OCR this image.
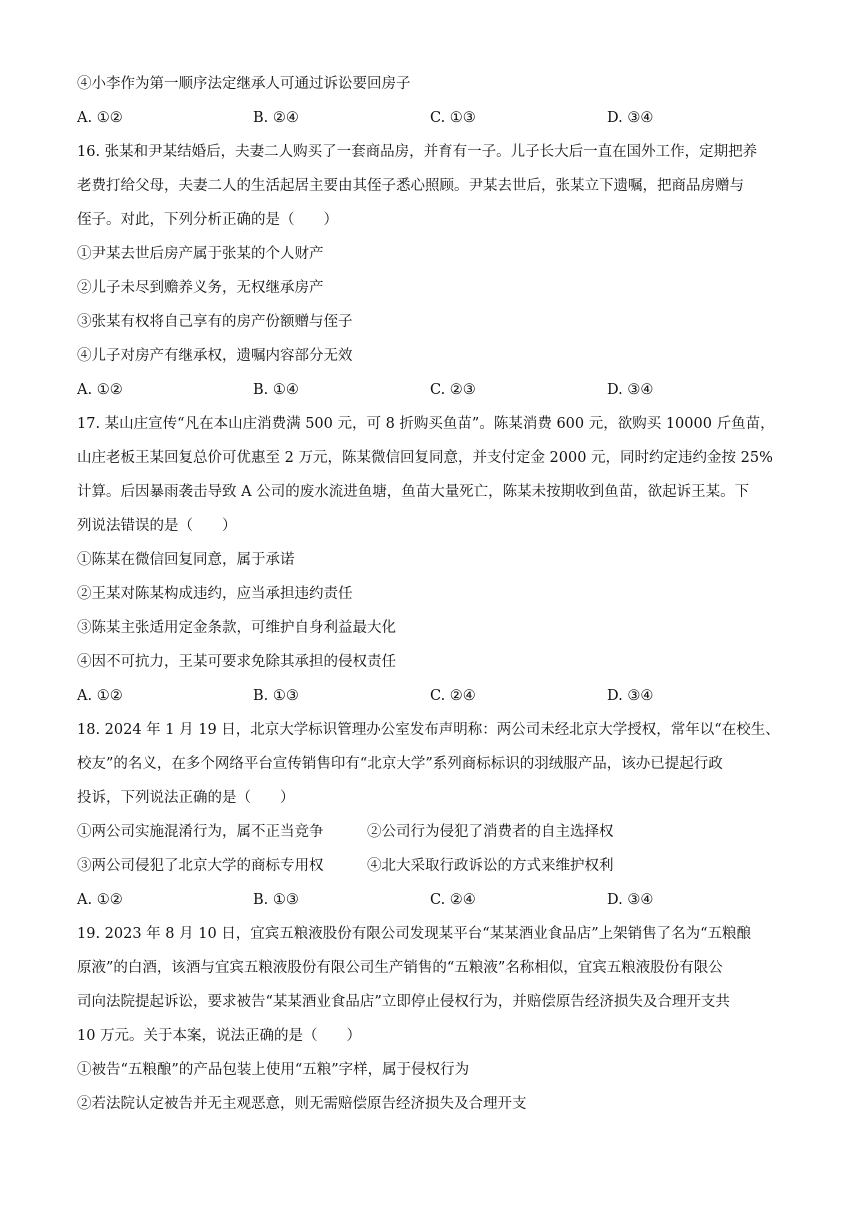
④小李作为第一顺序法定继承人可通过诉讼要回房子
A. ①②	B. ②④	C. ①③	D. ③④
16. 张某和尹某结婚后，夫妻二人购买了一套商品房，并育有一子。儿子长大后一直在国外工作，定期把养
老费打给父母，夫妻二人的生活起居主要由其侄子悉心照顾。尹某去世后，张某立下遗嘱，把商品房赠与
侄子。对此，下列分析正确的是（　　）
①尹某去世后房产属于张某的个人财产
②儿子未尽到赡养义务，无权继承房产
③张某有权将自己享有的房产份额赠与侄子
④儿子对房产有继承权，遗嘱内容部分无效
A. ①②	B. ①④	C. ②③	D. ③④
17. 某山庄宣传“凡在本山庄消费满 500 元，可 8 折购买鱼苗”。陈某消费 600 元，欲购买 10000 斤鱼苗，
山庄老板王某回复总价可优惠至 2 万元，陈某微信回复同意，并支付定金 2000 元，同时约定违约金按 25%
计算。后因暴雨袭击导致 A 公司的废水流进鱼塘，鱼苗大量死亡，陈某未按期收到鱼苗，欲起诉王某。下
列说法错误的是（　　）
①陈某在微信回复同意，属于承诺
②王某对陈某构成违约，应当承担违约责任
③陈某主张适用定金条款，可维护自身利益最大化
④因不可抗力，王某可要求免除其承担的侵权责任
A. ①②	B. ①③	C. ②④	D. ③④
18. 2024 年 1 月 19 日，北京大学标识管理办公室发布声明称：两公司未经北京大学授权，常年以“在校生、
校友”的名义，在多个网络平台宣传销售印有“北京大学”系列商标标识的羽绒服产品，该办已提起行政
投诉，下列说法正确的是（　　）
①两公司实施混淆行为，属不正当竞争	②公司行为侵犯了消费者的自主选择权
③两公司侵犯了北京大学的商标专用权	④北大采取行政诉讼的方式来维护权利
A. ①②	B. ①③	C. ②④	D. ③④
19. 2023 年 8 月 10 日，宜宾五粮液股份有限公司发现某平台“某某酒业食品店”上架销售了名为“五粮酿
原液”的白酒，该酒与宜宾五粮液股份有限公司生产销售的“五粮液”名称相似，宜宾五粮液股份有限公
司向法院提起诉讼，要求被告“某某酒业食品店”立即停止侵权行为，并赔偿原告经济损失及合理开支共
10 万元。关于本案，说法正确的是（　　）
①被告“五粮酿”的产品包装上使用“五粮”字样，属于侵权行为
②若法院认定被告并无主观恶意，则无需赔偿原告经济损失及合理开支
